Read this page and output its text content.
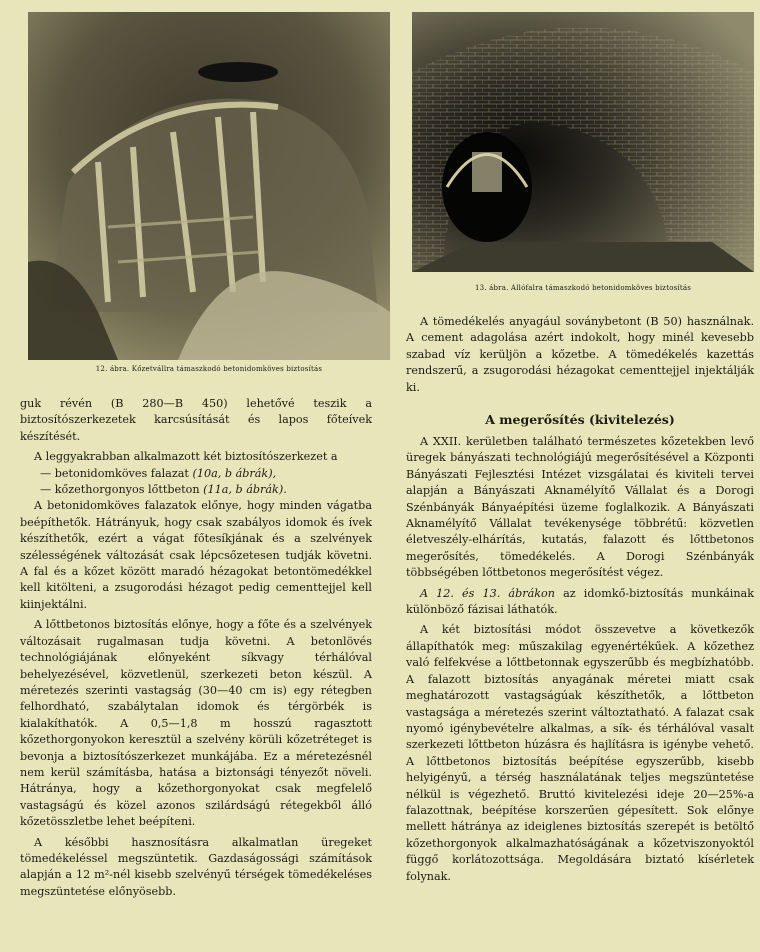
12. ábra. Kőzetvállra támaszkodó betonidomköves biztosítás

guk révén (B 280—B 450) lehetővé teszik a biztosítószerkezetek karcsúsítását és lapos főteívek készítését.

A leggyakrabban alkalmazott két biztosítószerkezet a

— betonidomköves falazat (10a, b ábrák),
— kőzethorgonyos lőttbeton (11a, b ábrák).

A betonidomköves falazatok előnye, hogy minden vágatba beépíthetők. Hátrányuk, hogy csak szabályos idomok és ívek készíthetők, ezért a vágat főtesíkjának és a szelvények szélességének változását csak lépcsőzetesen tudják követni. A fal és a kőzet között maradó hézagokat betontömedékkel kell kitölteni, a zsugorodási hézagot pedig cementtejjel kell kiinjektálni.

A lőttbetonos biztosítás előnye, hogy a főte és a szelvények változásait rugalmasan tudja követni. A betonlövés technológiájának előnyeként síkvagy térhálóval behelyezésével, közvetlenül, szerkezeti beton készül. A méretezés szerinti vastagság (30—40 cm is) egy rétegben felhordható, szabálytalan idomok és térgörbék is kialakíthatók. A 0,5—1,8 m hosszú ragasztott kőzethorgonyokon keresztül a szelvény körüli kőzetréteget is bevonja a biztosítószerkezet munkájába. Ez a méretezésnél nem kerül számításba, hatása a biztonsági tényezőt növeli. Hátránya, hogy a kőzethorgonyokat csak megfelelő vastagságú és közel azonos szilárdságú rétegekből álló kőzetösszletbe lehet beépíteni.

A későbbi hasznosításra alkalmatlan üregeket tömedékeléssel megszüntetik. Gazdaságossági számítások alapján a 12 m²-nél kisebb szelvényű térségek tömedékeléses megszüntetése előnyösebb.

13. ábra. Állófalra támaszkodó betonidomköves biztosítás

A tömedékelés anyagául soványbetont (B 50) használnak. A cement adagolása azért indokolt, hogy minél kevesebb szabad víz kerüljön a kőzetbe. A tömedékelés kazettás rendszerű, a zsugorodási hézagokat cementtejjel injektálják ki.

A megerősítés (kivitelezés)

A XXII. kerületben található természetes kőzetekben levő üregek bányászati technológiájú megerősítésével a Központi Bányászati Fejlesztési Intézet vizsgálatai és kiviteli tervei alapján a Bányászati Aknamélyítő Vállalat és a Dorogi Szénbányák Bányaépítési üzeme foglalkozik. A Bányászati Aknamélyítő Vállalat tevékenysége többrétű: közvetlen életveszély-elhárítás, kutatás, falazott és lőttbetonos megerősítés, tömedékelés. A Dorogi Szénbányák többségében lőttbetonos megerősítést végez.

A 12. és 13. ábrákon az idomkő-biztosítás munkáinak különböző fázisai láthatók.

A két biztosítási módot összevetve a következők állapíthatók meg: műszakilag egyenértékűek. A kőzethez való felfekvése a lőttbetonnak egyszerűbb és megbízhatóbb. A falazott biztosítás anyagának méretei miatt csak meghatározott vastagságúak készíthetők, a lőttbeton vastagsága a méretezés szerint változtatható. A falazat csak nyomó igénybevételre alkalmas, a sík- és térhálóval vasalt szerkezeti lőttbeton húzásra és hajlításra is igénybe vehető. A lőttbetonos biztosítás beépítése egyszerűbb, kisebb helyigényű, a térség használatának teljes megszüntetése nélkül is végezhető. Bruttó kivitelezési ideje 20—25%-a falazottnak, beépítése korszerűen gépesített. Sok előnye mellett hátránya az ideiglenes biztosítás szerepét is betöltő kőzethorgonyok alkalmazhatóságának a kőzetviszonyoktól függő korlátozottsága. Megoldására biztató kísérletek folynak.
